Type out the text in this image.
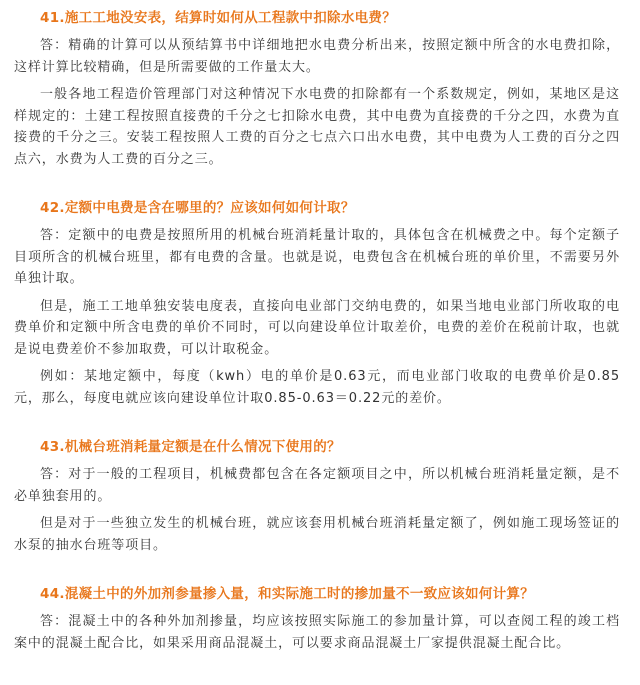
41.施工工地没安表，结算时如何从工程款中扣除水电费？

答：精确的计算可以从预结算书中详细地把水电费分析出来，按照定额中所含的水电费扣除，这样计算比较精确，但是所需要做的工作量太大。

一般各地工程造价管理部门对这种情况下水电费的扣除都有一个系数规定，例如，某地区是这样规定的：土建工程按照直接费的千分之七扣除水电费，其中电费为直接费的千分之四，水费为直接费的千分之三。安装工程按照人工费的百分之七点六口出水电费，其中电费为人工费的百分之四点六，水费为人工费的百分之三。

42.定额中电费是含在哪里的？应该如何如何计取？

答：定额中的电费是按照所用的机械台班消耗量计取的，具体包含在机械费之中。每个定额子目项所含的机械台班里，都有电费的含量。也就是说，电费包含在机械台班的单价里，不需要另外单独计取。

但是，施工工地单独安装电度表，直接向电业部门交纳电费的，如果当地电业部门所收取的电费单价和定额中所含电费的单价不同时，可以向建设单位计取差价，电费的差价在税前计取，也就是说电费差价不参加取费，可以计取税金。

例如：某地定额中，每度（kwh）电的单价是0.63元，而电业部门收取的电费单价是0.85元，那么，每度电就应该向建设单位计取0.85-0.63＝0.22元的差价。

43.机械台班消耗量定额是在什么情况下使用的？

答：对于一般的工程项目，机械费都包含在各定额项目之中，所以机械台班消耗量定额，是不必单独套用的。

但是对于一些独立发生的机械台班，就应该套用机械台班消耗量定额了，例如施工现场签证的水泵的抽水台班等项目。

44.混凝土中的外加剂参量掺入量，和实际施工时的掺加量不一致应该如何计算？

答：混凝土中的各种外加剂掺量，均应该按照实际施工的参加量计算，可以查阅工程的竣工档案中的混凝土配合比，如果采用商品混凝土，可以要求商品混凝土厂家提供混凝土配合比。
